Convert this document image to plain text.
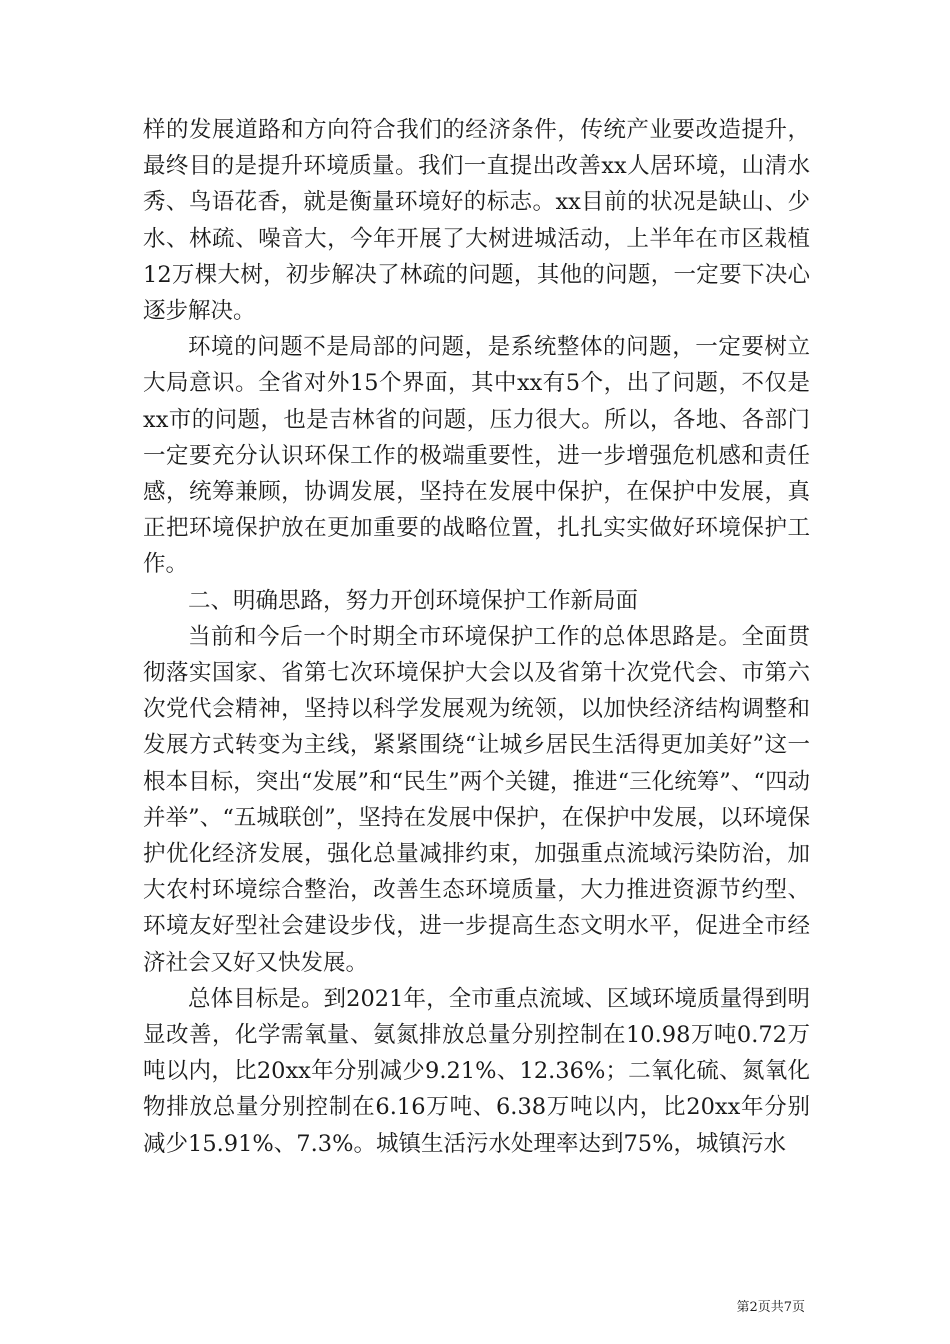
样的发展道路和方向符合我们的经济条件，传统产业要改造提升，最终目的是提升环境质量。我们一直提出改善xx人居环境，山清水秀、鸟语花香，就是衡量环境好的标志。xx目前的状况是缺山、少水、林疏、噪音大，今年开展了大树进城活动，上半年在市区栽植12万棵大树，初步解决了林疏的问题，其他的问题，一定要下决心逐步解决。

环境的问题不是局部的问题，是系统整体的问题，一定要树立大局意识。全省对外15个界面，其中xx有5个，出了问题，不仅是xx市的问题，也是吉林省的问题，压力很大。所以，各地、各部门一定要充分认识环保工作的极端重要性，进一步增强危机感和责任感，统筹兼顾，协调发展，坚持在发展中保护，在保护中发展，真正把环境保护放在更加重要的战略位置，扎扎实实做好环境保护工作。

二、明确思路，努力开创环境保护工作新局面

当前和今后一个时期全市环境保护工作的总体思路是。全面贯彻落实国家、省第七次环境保护大会以及省第十次党代会、市第六次党代会精神，坚持以科学发展观为统领，以加快经济结构调整和发展方式转变为主线，紧紧围绕“让城乡居民生活得更加美好”这一根本目标，突出“发展”和“民生”两个关键，推进“三化统筹”、“四动并举”、“五城联创”，坚持在发展中保护，在保护中发展，以环境保护优化经济发展，强化总量减排约束，加强重点流域污染防治，加大农村环境综合整治，改善生态环境质量，大力推进资源节约型、环境友好型社会建设步伐，进一步提高生态文明水平，促进全市经济社会又好又快发展。

总体目标是。到2021年，全市重点流域、区域环境质量得到明显改善，化学需氧量、氨氮排放总量分别控制在10.98万吨0.72万吨以内，比20xx年分别减少9.21%、12.36%；二氧化硫、氮氧化物排放总量分别控制在6.16万吨、6.38万吨以内，比20xx年分别减少15.91%、7.3%。城镇生活污水处理率达到75%，城镇污水

第2页共7页
